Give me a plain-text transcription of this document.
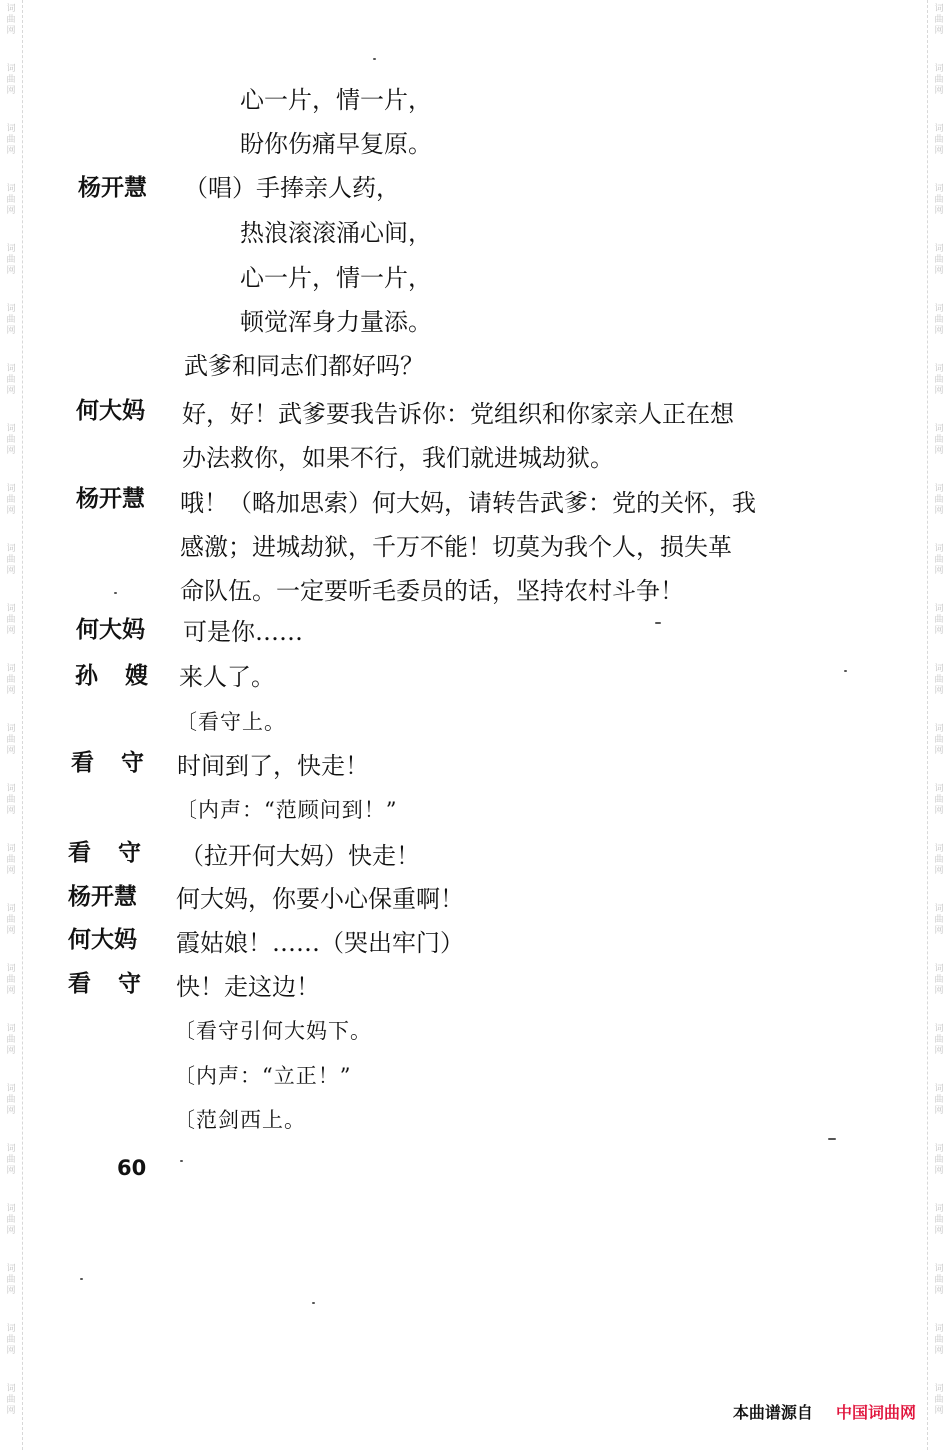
心一片，情一片，
盼你伤痛早复原。
杨开慧 （唱）手捧亲人药，
热浪滚滚涌心间，
心一片，情一片，
顿觉浑身力量添。
武爹和同志们都好吗？
何大妈 好，好！武爹要我告诉你：党组织和你家亲人正在想
办法救你，如果不行，我们就进城劫狱。
杨开慧 哦！（略加思索）何大妈，请转告武爹：党的关怀，我
感激；进城劫狱，千万不能！切莫为我个人，损失革
命队伍。一定要听毛委员的话，坚持农村斗争！
何大妈 可是你……
孙　嫂 来人了。
〔看守上。
看　守 时间到了，快走！
〔内声：“范顾问到！”
看　守 （拉开何大妈）快走！
杨开慧 何大妈，你要小心保重啊！
何大妈 霞姑娘！……（哭出牢门）
看　守 快！走这边！
〔看守引何大妈下。
〔内声：“立正！”
〔范剑西上。
60
本曲谱源自 中国词曲网
词
曲
网
词
曲
网
词
曲
网
词
曲
网
词
曲
网
词
曲
网
词
曲
网
词
曲
网
词
曲
网
词
曲
网
词
曲
网
词
曲
网
词
曲
网
词
曲
网
词
曲
网
词
曲
网
词
曲
网
词
曲
网
词
曲
网
词
曲
网
词
曲
网
词
曲
网
词
曲
网
词
曲
网
词
曲
网
词
曲
网
词
曲
网
词
曲
网
词
曲
网
词
曲
网
词
曲
网
词
曲
网
词
曲
网
词
曲
网
词
曲
网
词
曲
网
词
曲
网
词
曲
网
词
曲
网
词
曲
网
词
曲
网
词
曲
网
词
曲
网
词
曲
网
词
曲
网
词
曲
网
词
曲
网
词
曲
网
